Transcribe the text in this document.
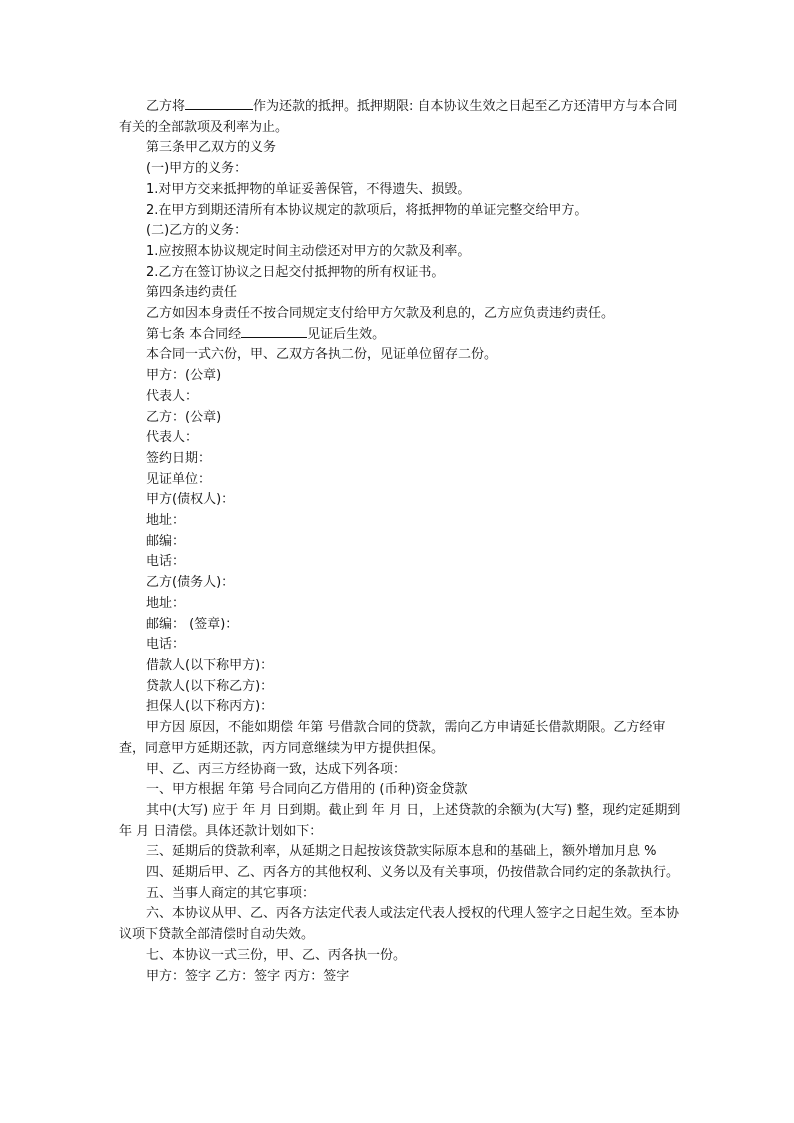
乙方将	作为还款的抵押。抵押期限: 自本协议生效之日起至乙方还清甲方与本合同有关的全部款项及利率为止。

第三条甲乙双方的义务

(一)甲方的义务：

1.对甲方交来抵押物的单证妥善保管，不得遗失、损毁。

2.在甲方到期还清所有本协议规定的款项后，将抵押物的单证完整交给甲方。

(二)乙方的义务：

1.应按照本协议规定时间主动偿还对甲方的欠款及利率。

2.乙方在签订协议之日起交付抵押物的所有权证书。

第四条违约责任

乙方如因本身责任不按合同规定支付给甲方欠款及利息的，乙方应负责违约责任。

第七条 本合同经	见证后生效。

本合同一式六份，甲、乙双方各执二份，见证单位留存二份。

甲方：(公章)

代表人：

乙方：(公章)

代表人：

签约日期：

见证单位：

甲方(债权人)：

地址：

邮编：

电话：

乙方(债务人)：

地址：

邮编： (签章)：

电话：

借款人(以下称甲方)：

贷款人(以下称乙方)：

担保人(以下称丙方)：

甲方因 原因，不能如期偿 年第 号借款合同的贷款，需向乙方申请延长借款期限。乙方经审查，同意甲方延期还款，丙方同意继续为甲方提供担保。

甲、乙、丙三方经协商一致，达成下列各项：

一、甲方根据 年第 号合同向乙方借用的 (币种)资金贷款

其中(大写) 应于 年 月 日到期。截止到 年 月 日，上述贷款的余额为(大写) 整，现约定延期到 年 月 日清偿。具体还款计划如下：

三、延期后的贷款利率，从延期之日起按该贷款实际原本息和的基础上，额外增加月息 %

四、延期后甲、乙、丙各方的其他权利、义务以及有关事项，仍按借款合同约定的条款执行。

五、当事人商定的其它事项：

六、本协议从甲、乙、丙各方法定代表人或法定代表人授权的代理人签字之日起生效。至本协议项下贷款全部清偿时自动失效。

七、本协议一式三份，甲、乙、丙各执一份。

甲方：签字 乙方：签字 丙方：签字
